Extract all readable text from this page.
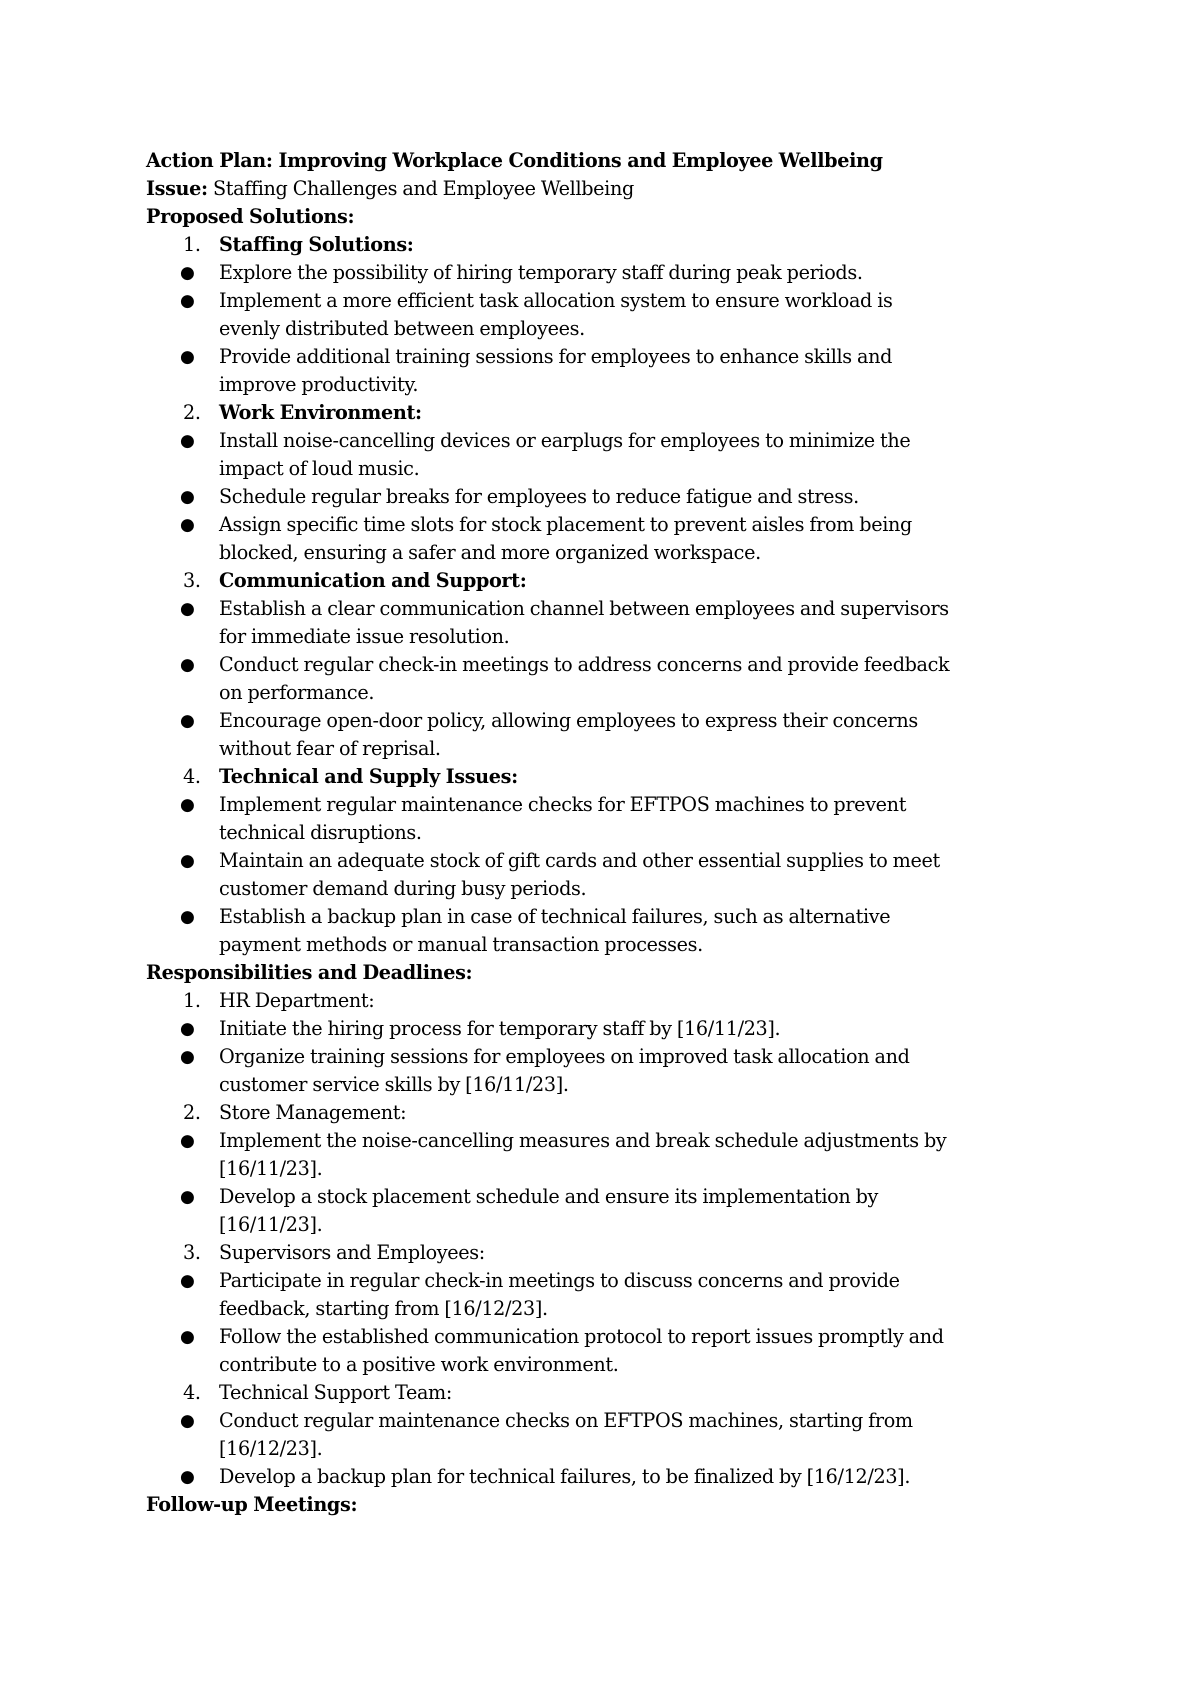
Action Plan: Improving Workplace Conditions and Employee Wellbeing

Issue: Staffing Challenges and Employee Wellbeing

Proposed Solutions:

1. Staffing Solutions:
● Explore the possibility of hiring temporary staff during peak periods.
● Implement a more efficient task allocation system to ensure workload is
evenly distributed between employees.
● Provide additional training sessions for employees to enhance skills and
improve productivity.
2. Work Environment:
● Install noise-cancelling devices or earplugs for employees to minimize the
impact of loud music.
● Schedule regular breaks for employees to reduce fatigue and stress.
● Assign specific time slots for stock placement to prevent aisles from being
blocked, ensuring a safer and more organized workspace.
3. Communication and Support:
● Establish a clear communication channel between employees and supervisors
for immediate issue resolution.
● Conduct regular check-in meetings to address concerns and provide feedback
on performance.
● Encourage open-door policy, allowing employees to express their concerns
without fear of reprisal.
4. Technical and Supply Issues:
● Implement regular maintenance checks for EFTPOS machines to prevent
technical disruptions.
● Maintain an adequate stock of gift cards and other essential supplies to meet
customer demand during busy periods.
● Establish a backup plan in case of technical failures, such as alternative
payment methods or manual transaction processes.

Responsibilities and Deadlines:

1. HR Department:
● Initiate the hiring process for temporary staff by [16/11/23].
● Organize training sessions for employees on improved task allocation and
customer service skills by [16/11/23].
2. Store Management:
● Implement the noise-cancelling measures and break schedule adjustments by
[16/11/23].
● Develop a stock placement schedule and ensure its implementation by
[16/11/23].
3. Supervisors and Employees:
● Participate in regular check-in meetings to discuss concerns and provide
feedback, starting from [16/12/23].
● Follow the established communication protocol to report issues promptly and
contribute to a positive work environment.
4. Technical Support Team:
● Conduct regular maintenance checks on EFTPOS machines, starting from
[16/12/23].
● Develop a backup plan for technical failures, to be finalized by [16/12/23].

Follow-up Meetings:
